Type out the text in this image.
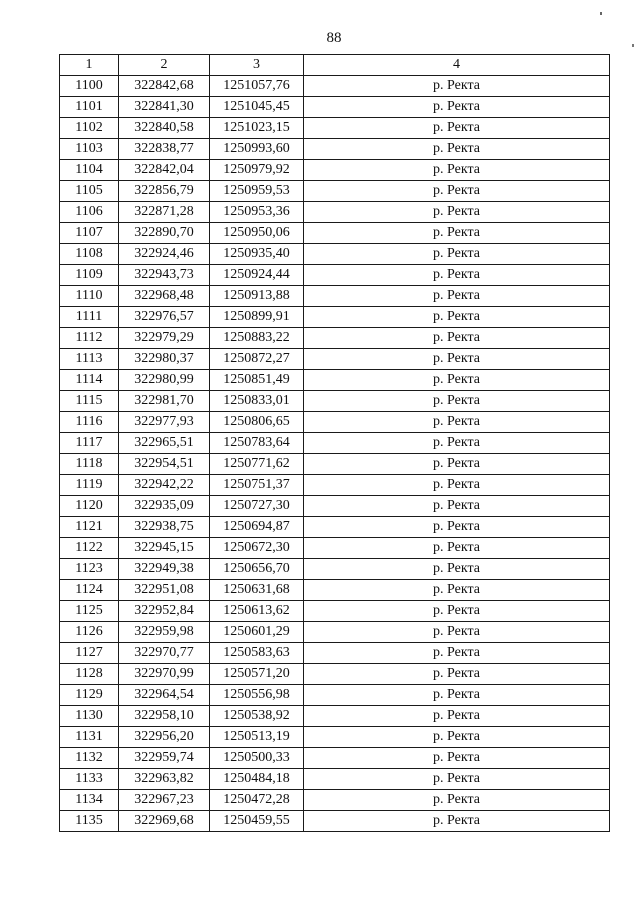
88
1	2	3	4
1100	322842,68	1251057,76	р. Ректа
1101	322841,30	1251045,45	р. Ректа
1102	322840,58	1251023,15	р. Ректа
1103	322838,77	1250993,60	р. Ректа
1104	322842,04	1250979,92	р. Ректа
1105	322856,79	1250959,53	р. Ректа
1106	322871,28	1250953,36	р. Ректа
1107	322890,70	1250950,06	р. Ректа
1108	322924,46	1250935,40	р. Ректа
1109	322943,73	1250924,44	р. Ректа
1110	322968,48	1250913,88	р. Ректа
1111	322976,57	1250899,91	р. Ректа
1112	322979,29	1250883,22	р. Ректа
1113	322980,37	1250872,27	р. Ректа
1114	322980,99	1250851,49	р. Ректа
1115	322981,70	1250833,01	р. Ректа
1116	322977,93	1250806,65	р. Ректа
1117	322965,51	1250783,64	р. Ректа
1118	322954,51	1250771,62	р. Ректа
1119	322942,22	1250751,37	р. Ректа
1120	322935,09	1250727,30	р. Ректа
1121	322938,75	1250694,87	р. Ректа
1122	322945,15	1250672,30	р. Ректа
1123	322949,38	1250656,70	р. Ректа
1124	322951,08	1250631,68	р. Ректа
1125	322952,84	1250613,62	р. Ректа
1126	322959,98	1250601,29	р. Ректа
1127	322970,77	1250583,63	р. Ректа
1128	322970,99	1250571,20	р. Ректа
1129	322964,54	1250556,98	р. Ректа
1130	322958,10	1250538,92	р. Ректа
1131	322956,20	1250513,19	р. Ректа
1132	322959,74	1250500,33	р. Ректа
1133	322963,82	1250484,18	р. Ректа
1134	322967,23	1250472,28	р. Ректа
1135	322969,68	1250459,55	р. Ректа
